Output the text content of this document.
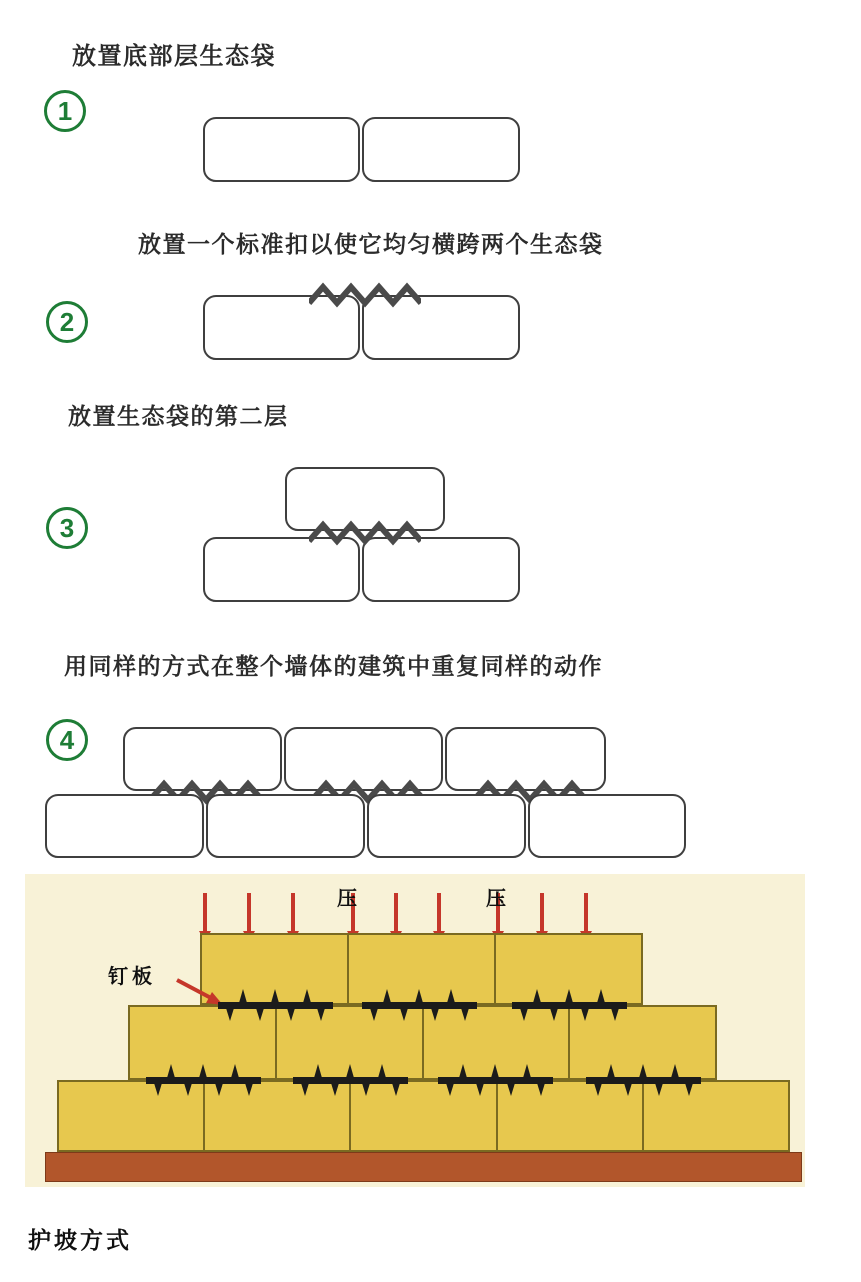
放置底部层生态袋
1
放置一个标准扣以使它均匀横跨两个生态袋
2
放置生态袋的第二层
3
用同样的方式在整个墙体的建筑中重复同样的动作
4
压	压
钉板
护坡方式
